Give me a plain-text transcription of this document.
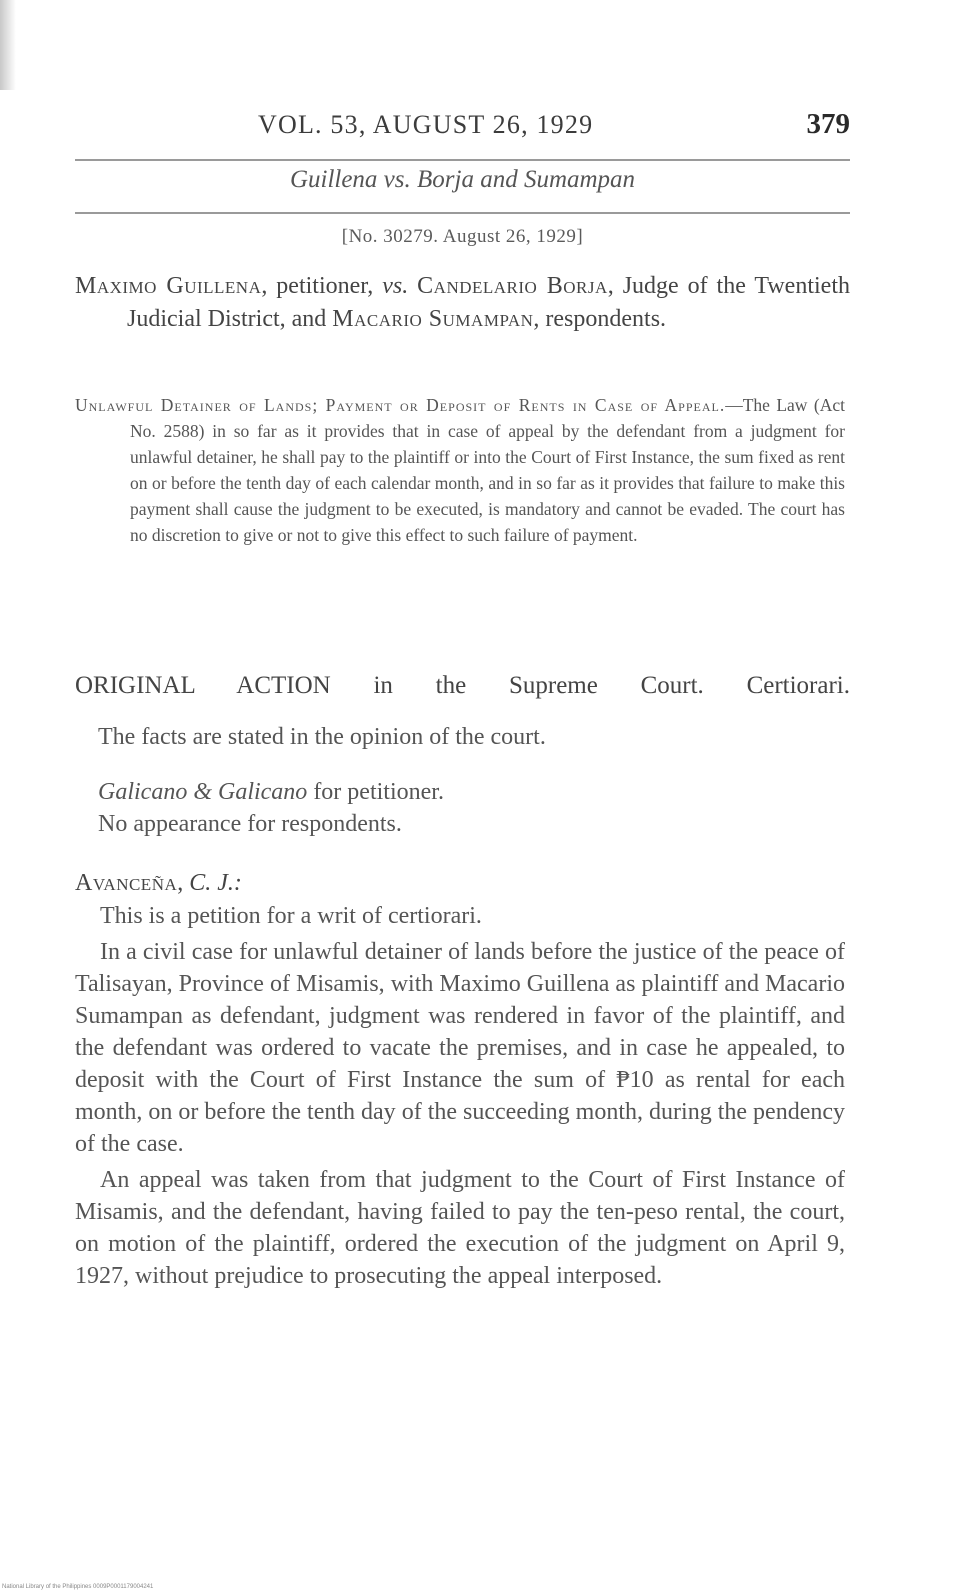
VOL. 53, AUGUST 26, 1929	379
Guillena vs. Borja and Sumampan
[No. 30279. August 26, 1929]

Maximo Guillena, petitioner, vs. Candelario Borja, Judge of the Twentieth Judicial District, and Macario Sumampan, respondents.

Unlawful Detainer of Lands; Payment or Deposit of Rents in Case of Appeal.—The Law (Act No. 2588) in so far as it provides that in case of appeal by the defendant from a judgment for unlawful detainer, he shall pay to the plaintiff or into the Court of First Instance, the sum fixed as rent on or before the tenth day of each calendar month, and in so far as it provides that failure to make this payment shall cause the judgment to be executed, is mandatory and cannot be evaded. The court has no discretion to give or not to give this effect to such failure of payment.

ORIGINAL ACTION in the Supreme Court. Certiorari.

The facts are stated in the opinion of the court.

Galicano & Galicano for petitioner.
No appearance for respondents.

Avanceña, C. J.:

This is a petition for a writ of certiorari.

In a civil case for unlawful detainer of lands before the justice of the peace of Talisayan, Province of Misamis, with Maximo Guillena as plaintiff and Macario Sumampan as defendant, judgment was rendered in favor of the plaintiff, and the defendant was ordered to vacate the premises, and in case he appealed, to deposit with the Court of First Instance the sum of ₱10 as rental for each month, on or before the tenth day of the succeeding month, during the pendency of the case.

An appeal was taken from that judgment to the Court of First Instance of Misamis, and the defendant, having failed to pay the ten-peso rental, the court, on motion of the plaintiff, ordered the execution of the judgment on April 9, 1927, without prejudice to prosecuting the appeal interposed.

National Library of the Philippines 0009P0001179004241
